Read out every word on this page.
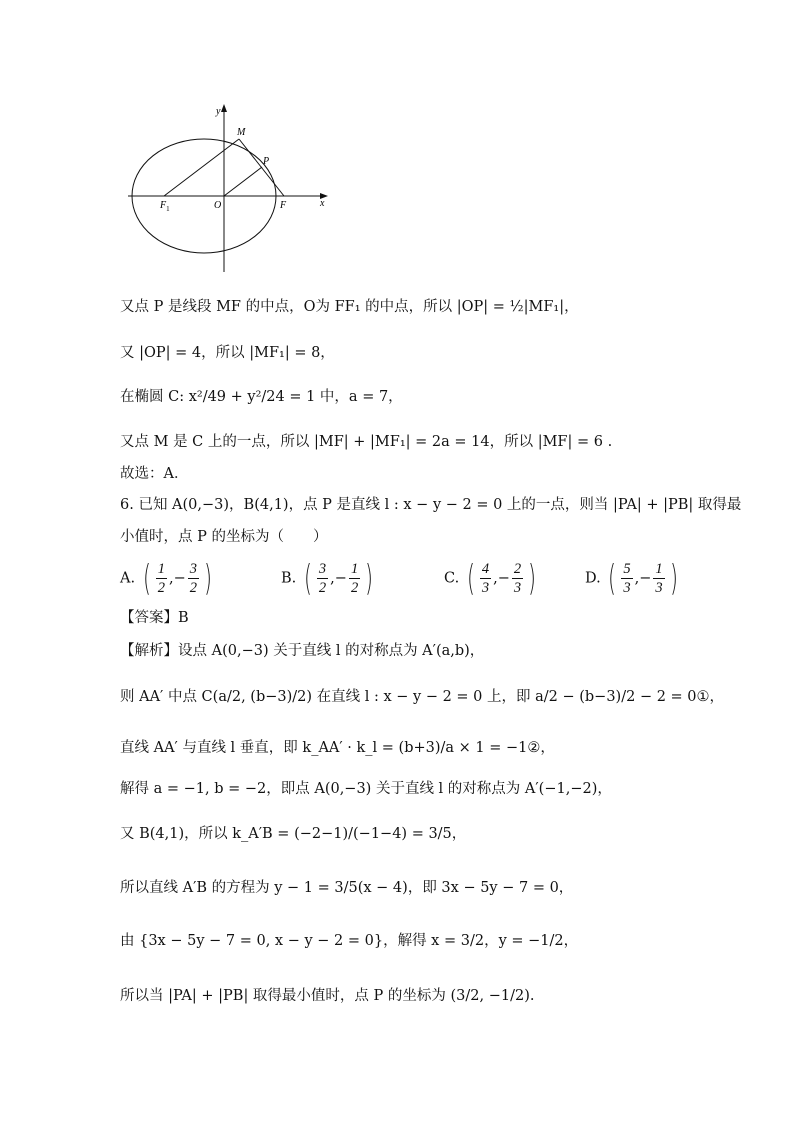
y
M
P
$F_1$	O	F	x
又点 P 是线段 MF 的中点，O为 FF₁ 的中点，所以 |OP| = ½|MF₁|，
又 |OP| = 4，所以 |MF₁| = 8，
在椭圆 C: x²/49 + y²/24 = 1 中，a = 7，
又点 M 是 C 上的一点，所以 |MF| + |MF₁| = 2a = 14，所以 |MF| = 6 .
故选：A．
6. 已知 A(0,−3)，B(4,1)，点 P 是直线 l : x − y − 2 = 0 上的一点，则当 |PA| + |PB| 取得最
小值时，点 P 的坐标为（　　）
A. ( $\frac{1}{2}$ ,− $\frac{3}{2}$ )	B. ( $\frac{3}{2}$ ,− $\frac{1}{2}$ )	C. ( $\frac{4}{3}$ ,− $\frac{2}{3}$ )	D. ( $\frac{5}{3}$ ,− $\frac{1}{3}$ )
【答案】B
【解析】设点 A(0,−3) 关于直线 l 的对称点为 A′(a,b)，
则 AA′ 中点 C(a/2, (b−3)/2) 在直线 l : x − y − 2 = 0 上，即 a/2 − (b−3)/2 − 2 = 0①，
直线 AA′ 与直线 l 垂直，即 k_AA′ · k_l = (b+3)/a × 1 = −1②，
解得 a = −1, b = −2，即点 A(0,−3) 关于直线 l 的对称点为 A′(−1,−2)，
又 B(4,1)，所以 k_A′B = (−2−1)/(−1−4) = 3/5，
所以直线 A′B 的方程为 y − 1 = 3/5(x − 4)，即 3x − 5y − 7 = 0，
由 {3x − 5y − 7 = 0, x − y − 2 = 0}，解得 x = 3/2，y = −1/2，
所以当 |PA| + |PB| 取得最小值时，点 P 的坐标为 (3/2, −1/2).
